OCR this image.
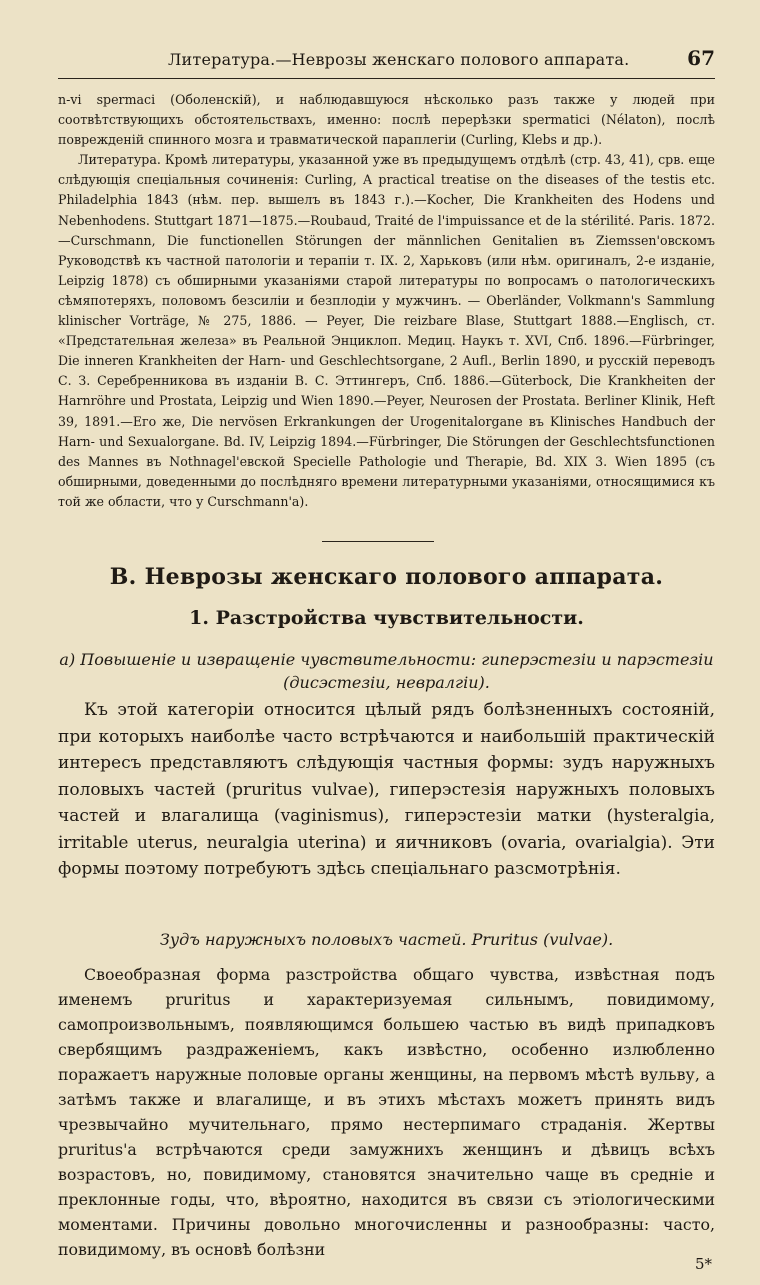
Литература.—Неврозы женскаго полового аппарата.	67

n-vi spermaci (Оболенскiй), и наблюдавшуюся нѣсколько разъ также у людей при соотвѣтствующихъ обстоятельствахъ, именно: послѣ перерѣзки spermatici (Nélaton), послѣ поврежденiй спинного мозга и травматической параплегiи (Curling, Klebs и др.).

Литература. Кромѣ литературы, указанной уже въ предыдущемъ отдѣлѣ (стр. 43, 41), срв. еще слѣдующiя спецiальныя сочиненiя: Curling, A practical treatise on the diseases of the testis etc. Philadelphia 1843 (нѣм. пер. вышелъ въ 1843 г.).—Kocher, Die Krankheiten des Hodens und Nebenhodens. Stuttgart 1871—1875.—Roubaud, Traité de l'impuissance et de la stérilité. Paris. 1872.—Curschmann, Die functionellen Störungen der männlichen Genitalien въ Ziemssen'овскомъ Руководствѣ къ частной патологiи и терапiи т. IX. 2, Харьковъ (или нѣм. оригиналъ, 2-е изданiе, Leipzig 1878) съ обширными указанiями старой литературы по вопросамъ о патологическихъ сѣмяпотеряхъ, половомъ безсилiи и безплодiи у мужчинъ. — Oberländer, Volkmann's Sammlung klinischer Vorträge, № 275, 1886. — Peyer, Die reizbare Blase, Stuttgart 1888.—Englisch, ст. «Предстательная железа» въ Реальной Энциклоп. Медиц. Наукъ т. XVI, Спб. 1896.—Fürbringer, Die inneren Krankheiten der Harn- und Geschlechtsorgane, 2 Aufl., Berlin 1890, и русскiй переводъ С. З. Серебренникова въ изданiи В. С. Эттингеръ, Спб. 1886.—Güterbock, Die Krankheiten der Harnröhre und Prostata, Leipzig und Wien 1890.—Peyer, Neurosen der Prostata. Berliner Klinik, Heft 39, 1891.—Его же, Die nervösen Erkrankungen der Urogenitalorgane въ Klinisches Handbuch der Harn- und Sexualorgane. Bd. IV, Leipzig 1894.—Fürbringer, Die Störungen der Geschlechtsfunctionen des Mannes въ Nothnagel'евской Specielle Pathologie und Therapie, Bd. XIX 3. Wien 1895 (съ обширными, доведенными до послѣдняго времени литературными указанiями, относящимися къ той же области, что у Curschmann'a).

B. Неврозы женскаго полового аппарата.
1. Разстройства чувствительности.
а) Повышенiе и извращенiе чувствительности: гиперэстезiи и парэстезiи
(дисэстезiи, невралгiи).

Къ этой категорiи относится цѣлый рядъ болѣзненныхъ состоянiй, при которыхъ наиболѣе часто встрѣчаются и наибольшiй практическiй интересъ представляютъ слѣдующiя частныя формы: зудъ наружныхъ половыхъ частей (pruritus vulvae), гиперэстезiя наружныхъ половыхъ частей и влагалища (vaginismus), гиперэстезiи матки (hysteralgia, irritable uterus, neuralgia uterina) и яичниковъ (ovaria, ovarialgia). Эти формы поэтому потребуютъ здѣсь спецiальнаго разсмотрѣнiя.

Зудъ наружныхъ половыхъ частей. Pruritus (vulvae).

Своеобразная форма разстройства общаго чувства, извѣстная подъ именемъ pruritus и характеризуемая сильнымъ, повидимому, самопроизвольнымъ, появляющимся большею частью въ видѣ припадковъ свербящимъ раздраженiемъ, какъ извѣстно, особенно излюбленно поражаетъ наружные половые органы женщины, на первомъ мѣстѣ вульву, а затѣмъ также и влагалище, и въ этихъ мѣстахъ можетъ принять видъ чрезвычайно мучительнаго, прямо нестерпимаго страданiя. Жертвы pruritus'а встрѣчаются среди замужнихъ женщинъ и дѣвицъ всѣхъ возрастовъ, но, повидимому, становятся значительно чаще въ среднiе и преклонные годы, что, вѣроятно, находится въ связи съ этiологическими моментами. Причины довольно многочисленны и разнообразны: часто, повидимому, въ основѣ болѣзни

5*
